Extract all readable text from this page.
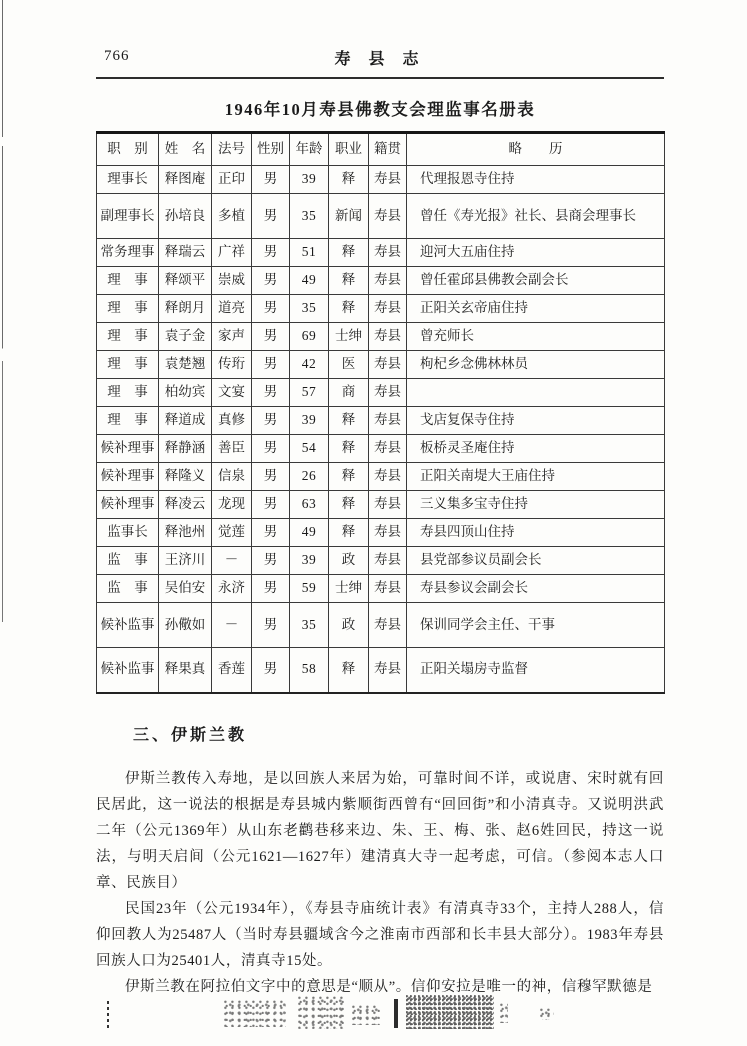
766	寿 县 志
1946年10月寿县佛教支会理监事名册表
职　别	姓　名	法号	性别	年龄	职业	籍贯	略　　历
理事长	释图庵	正印	男	39	释	寿县	代理报恩寺住持
副理事长	孙培良	多植	男	35	新闻	寿县	曾任《寿光报》社长、县商会理事长
常务理事	释瑞云	广祥	男	51	释	寿县	迎河大五庙住持
理　事	释颂平	崇威	男	49	释	寿县	曾任霍邱县佛教会副会长
理　事	释朗月	道亮	男	35	释	寿县	正阳关玄帝庙住持
理　事	袁子金	家声	男	69	士绅	寿县	曾充师长
理　事	袁楚翘	传珩	男	42	医	寿县	枸杞乡念佛林林员
理　事	柏幼宾	文宴	男	57	商	寿县	
理　事	释道成	真修	男	39	释	寿县	戈店复保寺住持
候补理事	释静涵	善臣	男	54	释	寿县	板桥灵圣庵住持
候补理事	释隆义	信泉	男	26	释	寿县	正阳关南堤大王庙住持
候补理事	释凌云	龙现	男	63	释	寿县	三义集多宝寺住持
监事长	释池州	觉莲	男	49	释	寿县	寿县四顶山住持
监　事	王济川	－	男	39	政	寿县	县党部参议员副会长
监　事	吴伯安	永济	男	59	士绅	寿县	寿县参议会副会长
候补监事	孙儆如	－	男	35	政	寿县	保训同学会主任、干事
候补监事	释果真	香莲	男	58	释	寿县	正阳关塌房寺监督
三、伊斯兰教

伊斯兰教传入寿地，是以回族人来居为始，可靠时间不详，或说唐、宋时就有回民居此，这一说法的根据是寿县城内紫顺街西曾有“回回街”和小清真寺。又说明洪武二年（公元1369年）从山东老鹳巷移来边、朱、王、梅、张、赵6姓回民，持这一说法，与明天启间（公元1621—1627年）建清真大寺一起考虑，可信。（参阅本志人口章、民族目）

民国23年（公元1934年），《寿县寺庙统计表》有清真寺33个，主持人288人，信仰回教人为25487人（当时寿县疆域含今之淮南市西部和长丰县大部分）。1983年寿县回族人口为25401人，清真寺15处。

伊斯兰教在阿拉伯文字中的意思是“顺从”。信仰安拉是唯一的神，信穆罕默德是
